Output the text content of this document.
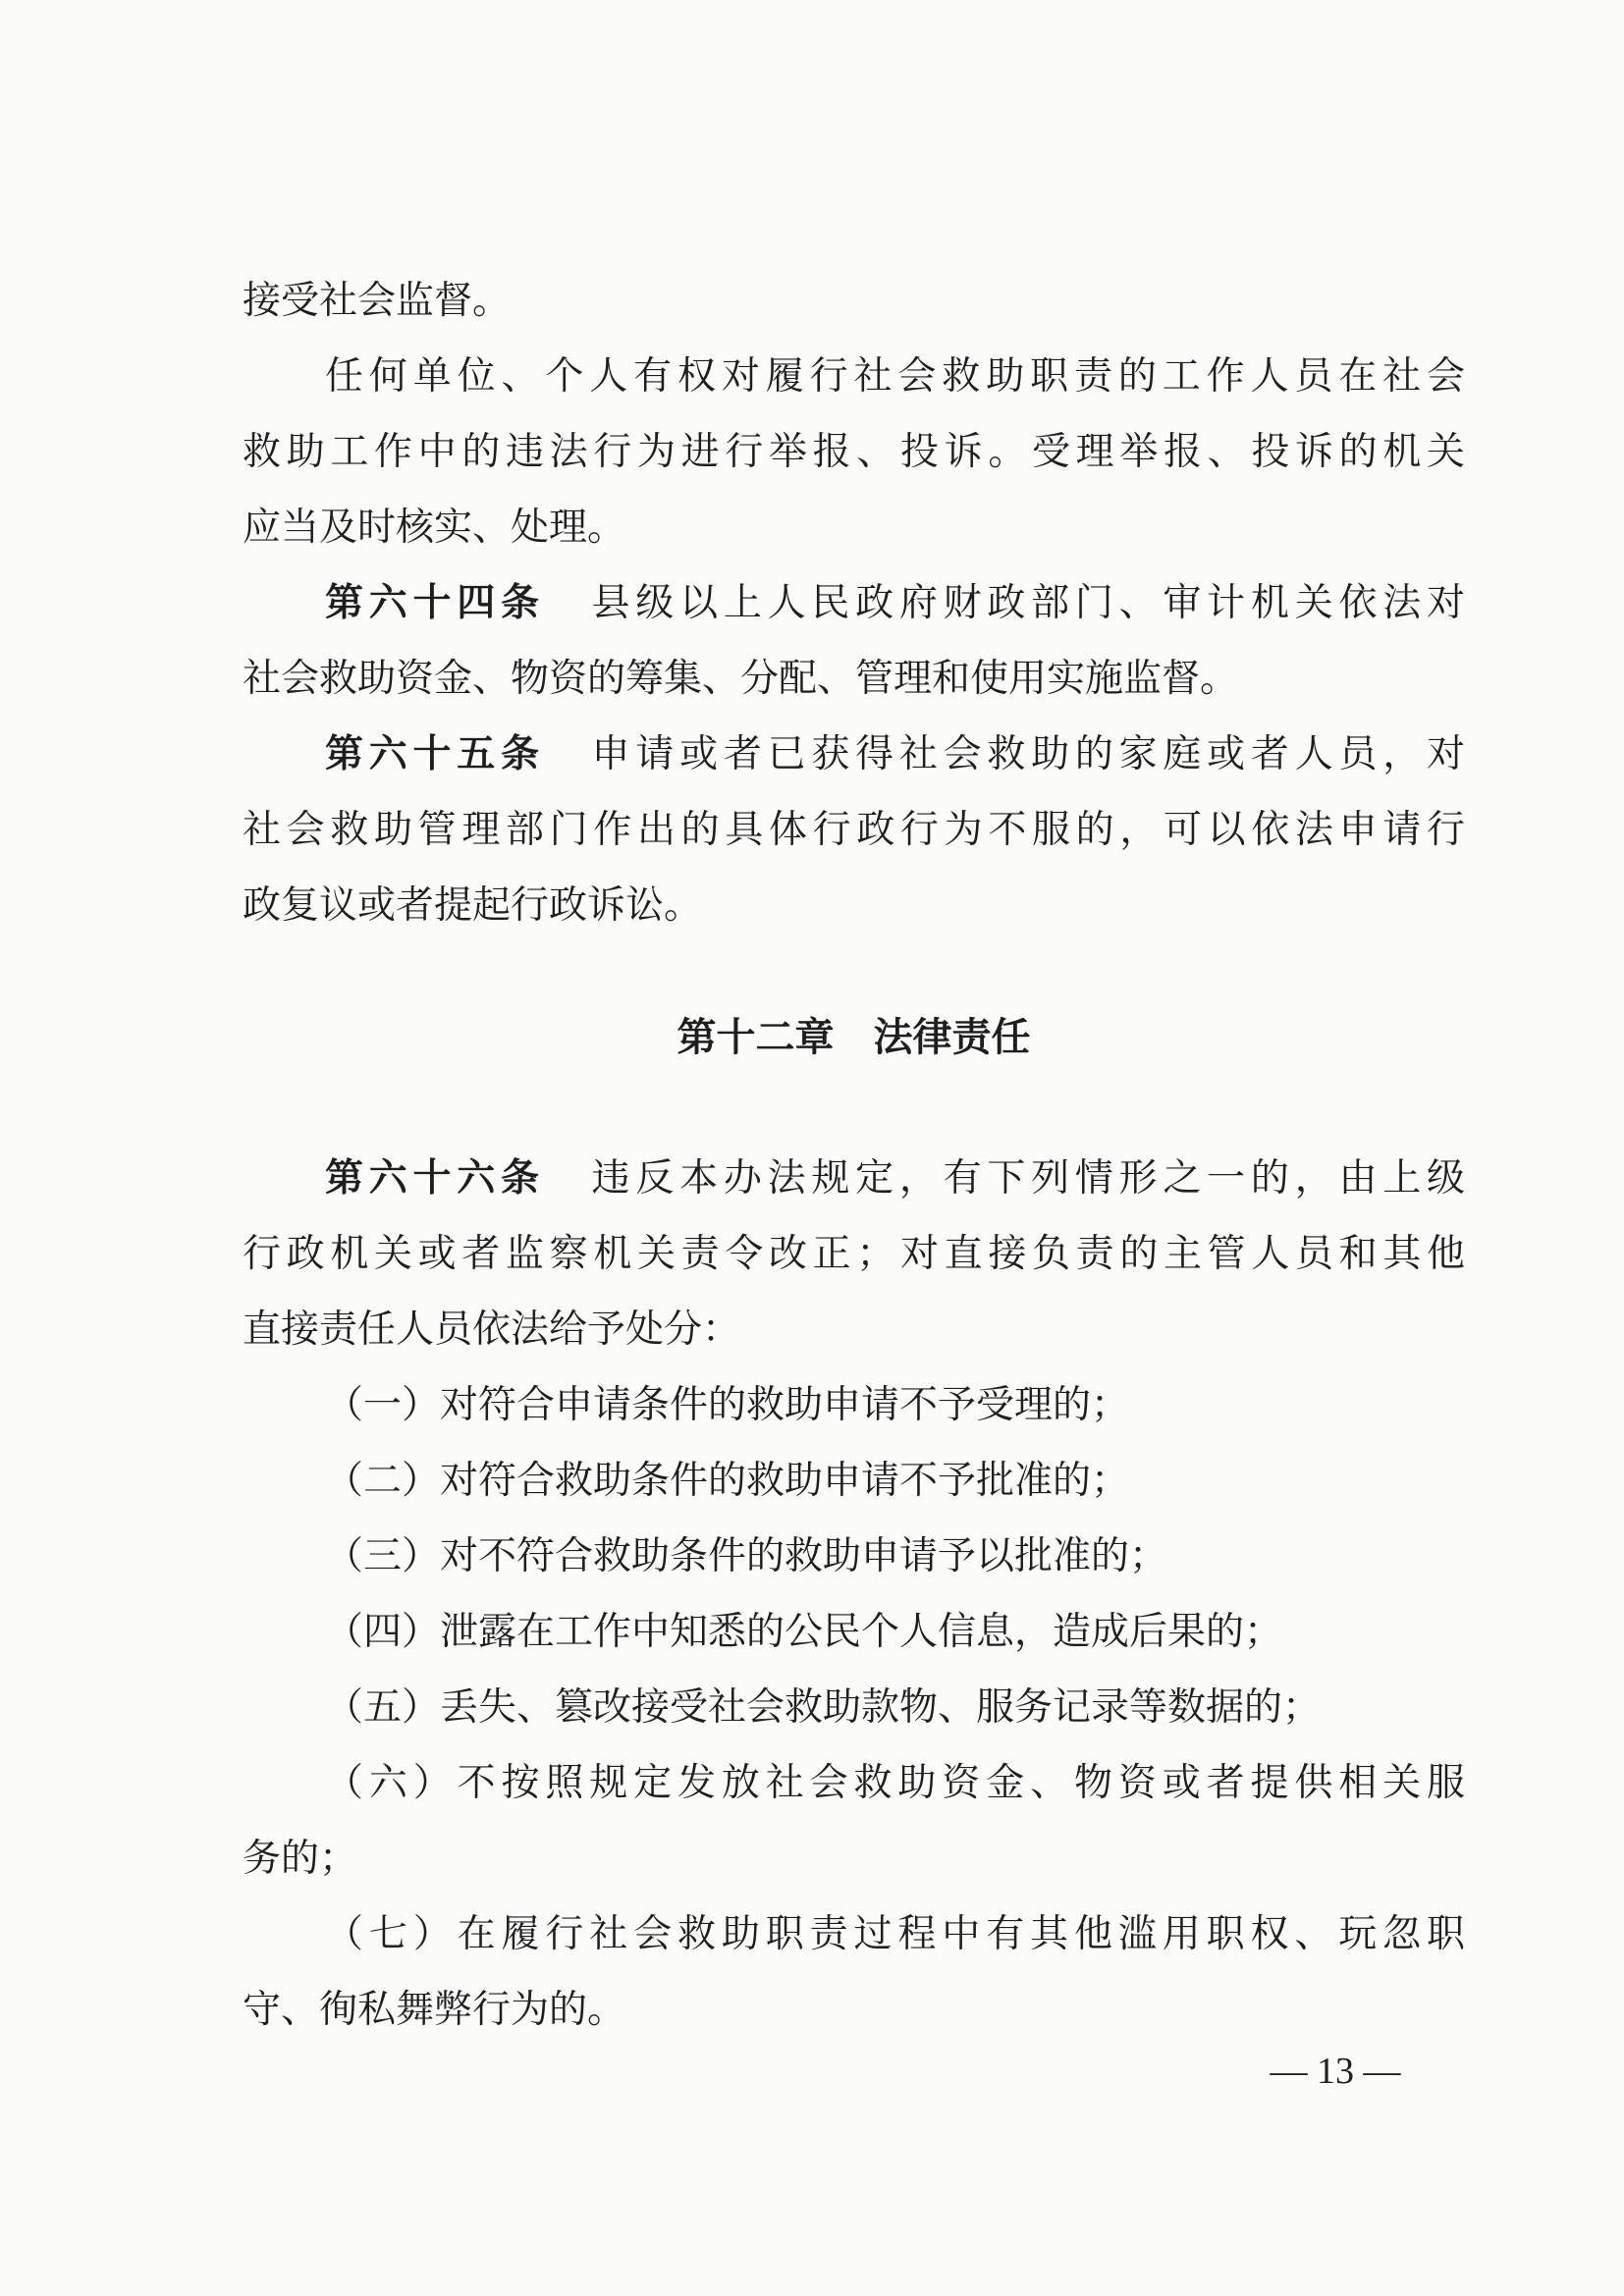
接受社会监督。
任何单位、个人有权对履行社会救助职责的工作人员在社会
救助工作中的违法行为进行举报、投诉。受理举报、投诉的机关
应当及时核实、处理。
第六十四条 县级以上人民政府财政部门、审计机关依法对
社会救助资金、物资的筹集、分配、管理和使用实施监督。
第六十五条 申请或者已获得社会救助的家庭或者人员，对
社会救助管理部门作出的具体行政行为不服的，可以依法申请行
政复议或者提起行政诉讼。
第十二章 法律责任
第六十六条 违反本办法规定，有下列情形之一的，由上级
行政机关或者监察机关责令改正；对直接负责的主管人员和其他
直接责任人员依法给予处分：
（一）对符合申请条件的救助申请不予受理的；
（二）对符合救助条件的救助申请不予批准的；
（三）对不符合救助条件的救助申请予以批准的；
（四）泄露在工作中知悉的公民个人信息，造成后果的；
（五）丢失、篡改接受社会救助款物、服务记录等数据的；
（六）不按照规定发放社会救助资金、物资或者提供相关服
务的；
（七）在履行社会救助职责过程中有其他滥用职权、玩忽职
守、徇私舞弊行为的。
— 13 —
